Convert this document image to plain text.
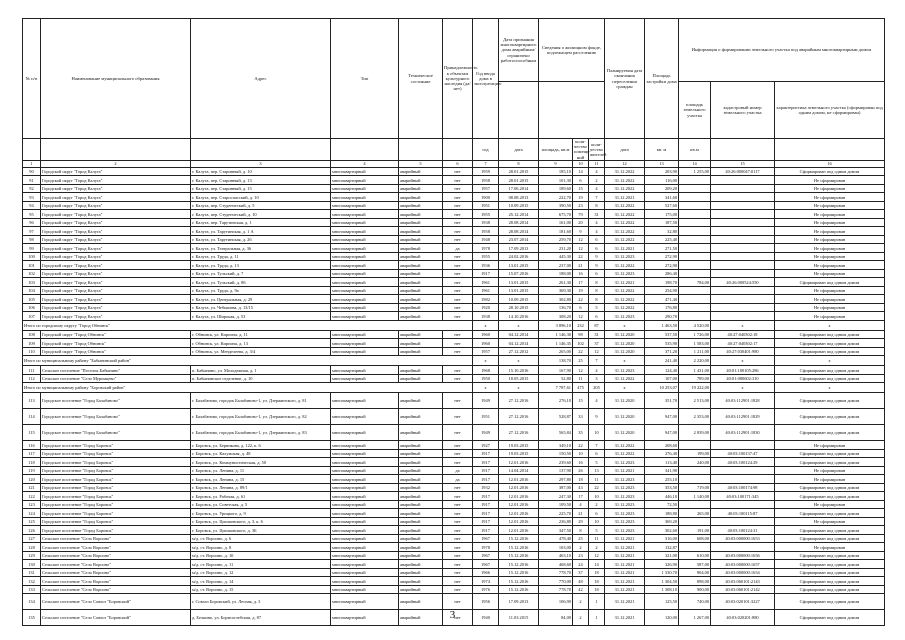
№ п/п	Наименование муниципального образования	Адрес	Тип	Техническое состояние	Принадлежность к объектам культурного наследия (да/нет)	Год ввода дома в эксплуатацию	Дата признания многоквартирного дома аварийным/ограничено работоспособным	Сведения о жилищном фонде, подлежащем расселению			Планируемая дата окончания переселения граждан	Площадь застройки дома	Информация о формировании земельного участка под аварийным многоквартирным домом		
													площадь земельного участка	кадастровый номер земельного участка	характеристика земельного участка (сформирован под одним домом, не сформирован)
						год	дата	площадь, кв.м	коли-чество помеще-ний	коли-чество жителей	дата	кв. м	кв.м		
1	2	3	4	5	6	7	8	9	10	11	12	13	14	15	16
90	Городской округ "Город Калуга"	г. Калуга, пер. Старинный, д. 10	многоквартирный	аварийный	нет	1959	28.01.2015	185,10	14	4	31.12.2022	203,90	1 255,00	40:26:000047:0117	Сформирован под одним домом
91	Городской округ "Город Калуга"	г. Калуга, пер. Старинный, д. 13	многоквартирный	аварийный	нет	1958	28.01.2015	101,30	6	2	31.12.2022	116,00			Не сформирован
92	Городской округ "Город Калуга"	г. Калуга, пер. Старинный, д. 15	многоквартирный	аварийный	нет	1957	17.06.2014	189,60	15	4	31.12.2022	209,20			Не сформирован
93	Городской округ "Город Калуга"	г. Калуга, пер. Староспасский, д. 10	многоквартирный	аварийный	нет	1900	08.08.2013	222,70	19	7	31.12.2021	341,60			Не сформирован
94	Городской округ "Город Калуга"	г. Калуга, пер. Студенческий, д. 5	многоквартирный	аварийный	нет	1951	10.09.2015	390,50	23	8	31.12.2022	527,60			Не сформирован
95	Городской округ "Город Калуга"	г. Калуга, пер. Студенческий, д. 10	многоквартирный	аварийный	нет	1955	25.12.2014	675,70	79	31	31.12.2022	175,00			Не сформирован
96	Городской округ "Город Калуга"	г. Калуга, пер. Тарутинская, д. 1	многоквартирный	аварийный	нет	1938	28.08.2014	161,00	20	4	31.12.2022	187,50			Не сформирован
97	Городской округ "Город Калуга"	г. Калуга, ул. Тарутинская, д. 1 А	многоквартирный	аварийный	нет	1958	28.08.2014	181,60	9	4	31.12.2022	32,80			Не сформирован
98	Городской округ "Город Калуга"	г. Калуга, ул. Тарутинская, д. 26	многоквартирный	аварийный	нет	1948	23.07.2014	259,70	12	6	31.12.2022	225,40			Не сформирован
99	Городской округ "Город Калуга"	г. Калуга, ул. Театральная, д. 36	многоквартирный	аварийный	да	1978	17.09.2013	231,20	12	6	31.12.2021	271,50			Не сформирован
100	Городской округ "Город Калуга"	г. Калуга, ул. Труда, д. 11	многоквартирный	аварийный	нет	1955	24.02.2016	445,30	22	9	31.12.2023	272,90			Не сформирован
101	Городской округ "Город Калуга"	г. Калуга, ул. Труда, д. 13	многоквартирный	аварийный	нет	1936	13.01.2015	237,00	21	9	31.12.2022	272,90			Не сформирован
102	Городской округ "Город Калуга"	г. Калуга, ул. Тульский, д. 7	многоквартирный	аварийный	нет	1917	15.07.2016	188,00	16	6	31.12.2023	286,40			Не сформирован
103	Городской округ "Город Калуга"	г. Калуга, ул. Тульский, д. 86	многоквартирный	аварийный	нет	1961	13.01.2015	261,30	17	8	31.12.2021	198,70	784,00	40:26:000524:550	Сформирован под одним домом
104	Городской округ "Город Калуга"	г. Калуга, ул. Труда, д. 9а	многоквартирный	аварийный	нет	1961	13.01.2015	369,30	19	8	31.12.2022	254,90			Не сформирован
105	Городской округ "Город Калуга"	г. Калуга, ул. Центральная, д. 29	многоквартирный	аварийный	нет	1982	10.09.2015	302,80	22	8	31.12.2022	471,40			Не сформирован
106	Городской округ "Город Калуга"	г. Калуга, ул. Чебышева, д. 13/15	многоквартирный	аварийный	нет	1920	28.10.2015	136,70	6	5	31.12.2022	176,80			Не сформирован
107	Городской округ "Город Калуга"	г. Калуга, ул. Широкая, д. 53	многоквартирный	аварийный	нет	1938	14.10.2016	308,20	12	6	31.12.2023	290,70			Не сформирован
Итого по городскому округу "Город Обнинск"						х	х	3 896,10	232	87	х	1 463,50	4 520,00	х	х
108	Городской округ "Город Обнинск"	г. Обнинск, ул. Кирпича, д. 11	многоквартирный	аварийный	нет	1960	04.12.2014	1 146,30	98	31	31.12.2020	537,50	1 726,00	40:27:040302:18	Сформирован под одним домом
109	Городской округ "Город Обнинск"	г. Обнинск, ул. Кирпича, д. 13	многоквартирный	аварийный	нет	1960	04.12.2014	1 146,35	102	37	31.12.2020	535,90	1 583,00	40:27:040302:17	Сформирован под одним домом
110	Городской округ "Город Обнинск"	г. Обнинск, ул. Менделеева, д. 3/4	многоквартирный	аварийный	нет	1957	27.12.2012	265,00	22	12	31.12.2020	371,20	1 211,00	40:27:030401:980	Сформирован под одним домом
Итого по муниципальному району "Бабынинский район"						х	х	138,70	25	7	х	241,40	2 220,00	х	х
111	Сельское поселение "Поселок Бабынино"	п. Бабынино, ул. Молодежная, д. 1	многоквартирный	аварийный	нет	1968	15.10.2016	167,90	12	4	31.12.2023	124,40	1 431,00	40:01:100105:286	Сформирован под одним домом
112	Сельское поселение "Село Муромцево"	п. Бабынинское отделение, д. 10	многоквартирный	аварийный	нет	1950	18.05.2015	52,80	11	3	31.12.2022	107,00	789,00	40:01:080602:310	Сформирован под одним домом
Итого по муниципальному району "Боровский район"						х	х	7 787,61	475	205	х	10 253,07	19 222,00	х	х
113	Городское поселение "Город Балабаново"	г. Балабаново, городок Балабаново-1, ул. Дзержинского, д. 81	многоквартирный	аварийный	нет	1949	27.12.2016	276,10	15	4	31.12.2020	351,70	2 513,00	40:03:112901:1828	Сформирован под одним домом
114	Городское поселение "Город Балабаново"	г. Балабаново, городок Балабаново-1, ул. Дзержинского, д. 82	многоквартирный	аварийный	нет	1951	27.12.2016	528,87	33	9	31.12.2020	947,00	2 353,00	40:03:112901:1829	Сформирован под одним домом
115	Городское поселение "Город Балабаново"	г. Балабаново, городок Балабаново-1, ул. Дзержинского, д. 83	многоквартирный	аварийный	нет	1949	27.12.2016	565,84	35	10	31.12.2020	947,00	2 839,00	40:03:112901:1830	Сформирован под одним домом
116	Городское поселение "Город Боровск"	г. Боровск, ул. Берникова, д. 122, к. 6	многоквартирный	аварийный	нет	1927	19.03.2015	349,10	22	7	31.12.2022	208,60			Не сформирован
117	Городское поселение "Город Боровск"	г. Боровск, ул. Калужская, д. 48	многоквартирный	аварийный	нет	1917	19.03.2015	150,50	10	6	31.12.2022	276,40	199,00	40:03:100137:47	Сформирован под одним домом
118	Городское поселение "Город Боровск"	г. Боровск, ул. Коммунистическая, д. 50	многоквартирный	аварийный	нет	1917	12.01.2016	239,60	16	5	31.12.2023	113,40	240,00	40:03:100124:29	Сформирован под одним домом
119	Городское поселение "Город Боровск"	г. Боровск, ул. Ленина, д. 11	многоквартирный	аварийный	да	1917	14.04.2014	137,90	26	13	31.12.2021	341,90			Не сформирован
120	Городское поселение "Город Боровск"	г. Боровск, ул. Ленина, д. 15	многоквартирный	аварийный	да	1917	12.01.2016	297,80	18	11	31.12.2023	255,10			Не сформирован
121	Городское поселение "Город Боровск"	г. Боровск, ул. Ленина, д. 89/1	многоквартирный	аварийный	нет	1932	12.01.2016	387,00	43	22	31.12.2023	353,50	719,00	40:03:100174:98	Сформирован под одним домом
122	Городское поселение "Город Боровск"	г. Боровск, ул. Рабочая, д. 61	многоквартирный	аварийный	нет	1917	12.01.2016	247,30	17	10	31.12.2023	446,10	1 140,00	40:03:100171:345	Сформирован под одним домом
123	Городское поселение "Город Боровск"	г. Боровск, ул. Советская, д. 5	многоквартирный	аварийный	нет	1917	12.01.2016	109,50	4	2	31.12.2023	72,50			Не сформирован
124	Городское поселение "Город Боровск"	г. Боровск, ул. Урицкого, д. 9	многоквартирный	аварийный	нет	1917	12.01.2016	225,70	21	6	31.12.2023	188,80	265,00	40:03:100115:87	Сформирован под одним домом
125	Городское поселение "Город Боровск"	г. Боровск, ул. Циолковского, д. 3, к. 6	многоквартирный	аварийный	нет	1917	12.01.2016	236,80	29	10	31.12.2023	369,20			Не сформирован
126	Городское поселение "Город Боровск"	г. Боровск, ул. Циолковского, д. 3Б	многоквартирный	аварийный	нет	1917	12.01.2016	347,50	8	5	31.12.2023	302,60	191,00	40:03:100124:31	Сформирован под одним домом
127	Сельское поселение "Село Ворсино"	м/д. ст. Ворсино, д. 6	многоквартирный	аварийный	нет	1967	15.12.2016	478,40	25	11	31.12.2021	316,00	608,00	40:03:000000:1653	Сформирован под одним домом
128	Сельское поселение "Село Ворсино"	м/д. ст. Ворсино, д. 8	многоквартирный	аварийный	нет	1978	15.12.2016	103,00	2	2	31.12.2021	132,87			Не сформирован
129	Сельское поселение "Село Ворсино"	м/д. ст. Ворсино, д. 10	многоквартирный	аварийный	нет	1967	15.12.2016	463,10	23	12	31.12.2021	321,00	610,00	40:03:000000:1656	Сформирован под одним домом
130	Сельское поселение "Село Ворсино"	м/д. ст. Ворсино, д. 11	многоквартирный	аварийный	нет	1967	15.12.2016	468,60	24	14	31.12.2021	326,90	587,00	40:03:000000:1657	Сформирован под одним домом
131	Сельское поселение "Село Ворсино"	м/д. ст. Ворсино, д. 12	многоквартирный	аварийный	нет	1966	15.12.2016	778,70	37	18	31.12.2021	1 330,70	904,00	40:03:000000:1654	Сформирован под одним домом
132	Сельское поселение "Село Ворсино"	м/д. ст. Ворсино, д. 14	многоквартирный	аварийный	нет	1974	15.12.2016	770,00	48	18	31.12.2021	1 304,50	898,00	40:03:060101:2143	Сформирован под одним домом
133	Сельское поселение "Село Ворсино"	м/д. ст. Ворсино, д. 15	многоквартирный	аварийный	нет	1976	15.12.2016	778,70	42	18	31.12.2021	1 308,10	900,00	40:03:060101:2142	Сформирован под одним домом
134	Сельское поселение "Село Совхоз "Боровский"	г. Совхоз Боровский, ул. Лесная, д. 3	многоквартирный	аварийный	нет	1956	17.09.2013	106,90	2	1	31.12.2021	125,50	740,00	40:03:020101:3227	Сформирован под одним домом
135	Сельское поселение "Село Совхоз "Боровский"	д. Белкино, ул. Борисоглебская, д. 87	многоквартирный	аварийный	нет	1940	11.03.2015	84,00	2	1	31.12.2021	120,00	1 267,00	40:03:020201:880	Сформирован под одним домом
3
